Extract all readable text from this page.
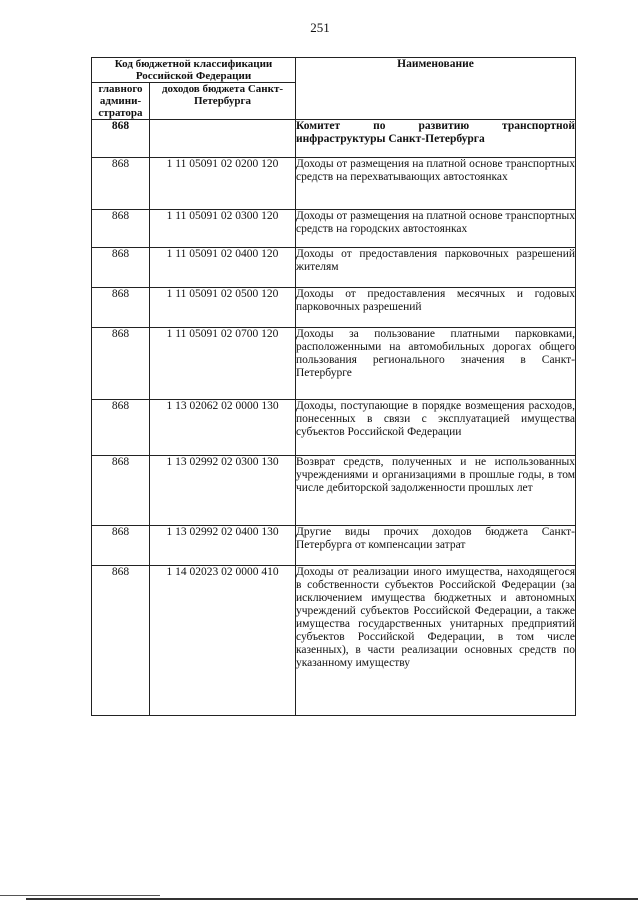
251
Код бюджетной классификации Российской Федерации		Наименование
главного админи-стратора	доходов бюджета Санкт-Петербурга	
868		Комитет по развитию транспортной инфраструктуры Санкт-Петербурга
868	1 11 05091 02 0200 120	Доходы от размещения на платной основе транспортных средств на перехватывающих автостоянках
868	1 11 05091 02 0300 120	Доходы от размещения на платной основе транспортных средств на городских автостоянках
868	1 11 05091 02 0400 120	Доходы от предоставления парковочных разрешений жителям
868	1 11 05091 02 0500 120	Доходы от предоставления месячных и годовых парковочных разрешений
868	1 11 05091 02 0700 120	Доходы за пользование платными парковками, расположенными на автомобильных дорогах общего пользования регионального значения в Санкт-Петербурге
868	1 13 02062 02 0000 130	Доходы, поступающие в порядке возмещения расходов, понесенных в связи с эксплуатацией имущества субъектов Российской Федерации
868	1 13 02992 02 0300 130	Возврат средств, полученных и не использованных учреждениями и организациями в прошлые годы, в том числе дебиторской задолженности прошлых лет
868	1 13 02992 02 0400 130	Другие виды прочих доходов бюджета Санкт-Петербурга от компенсации затрат
868	1 14 02023 02 0000 410	Доходы от реализации иного имущества, находящегося в собственности субъектов Российской Федерации (за исключением имущества бюджетных и автономных учреждений субъектов Российской Федерации, а также имущества государственных унитарных предприятий субъектов Российской Федерации, в том числе казенных), в части реализации основных средств по указанному имуществу
